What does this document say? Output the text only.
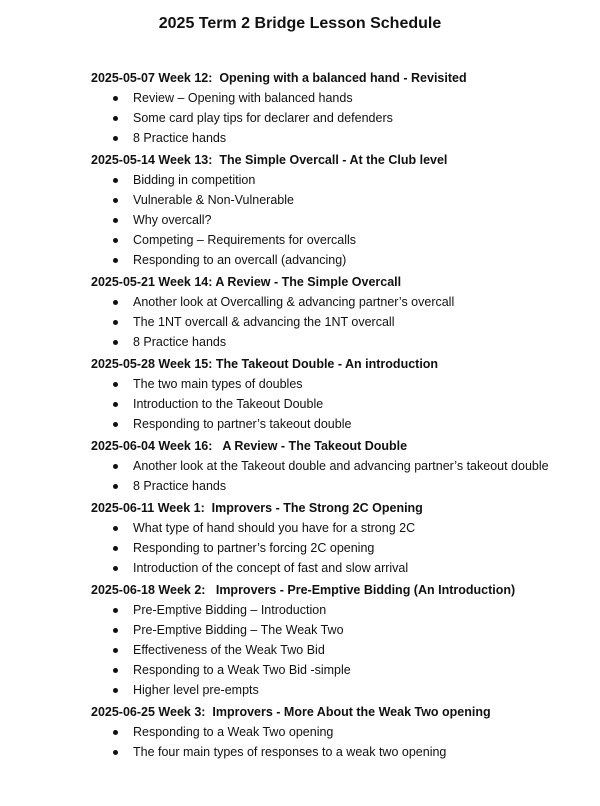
2025 Term 2 Bridge Lesson Schedule

2025-05-07 Week 12:  Opening with a balanced hand - Revisited

Review – Opening with balanced hands
Some card play tips for declarer and defenders
8 Practice hands

2025-05-14 Week 13:  The Simple Overcall - At the Club level

Bidding in competition
Vulnerable & Non-Vulnerable
Why overcall?
Competing – Requirements for overcalls
Responding to an overcall (advancing)

2025-05-21 Week 14: A Review - The Simple Overcall

Another look at Overcalling & advancing partner’s overcall
The 1NT overcall & advancing the 1NT overcall
8 Practice hands

2025-05-28 Week 15: The Takeout Double - An introduction

The two main types of doubles
Introduction to the Takeout Double
Responding to partner’s takeout double

2025-06-04 Week 16:   A Review - The Takeout Double

Another look at the Takeout double and advancing partner’s takeout double
8 Practice hands

2025-06-11 Week 1:  Improvers - The Strong 2C Opening

What type of hand should you have for a strong 2C
Responding to partner’s forcing 2C opening
Introduction of the concept of fast and slow arrival

2025-06-18 Week 2:   Improvers - Pre-Emptive Bidding (An Introduction)

Pre-Emptive Bidding – Introduction
Pre-Emptive Bidding – The Weak Two
Effectiveness of the Weak Two Bid
Responding to a Weak Two Bid -simple
Higher level pre-empts

2025-06-25 Week 3:  Improvers - More About the Weak Two opening

Responding to a Weak Two opening
The four main types of responses to a weak two opening
